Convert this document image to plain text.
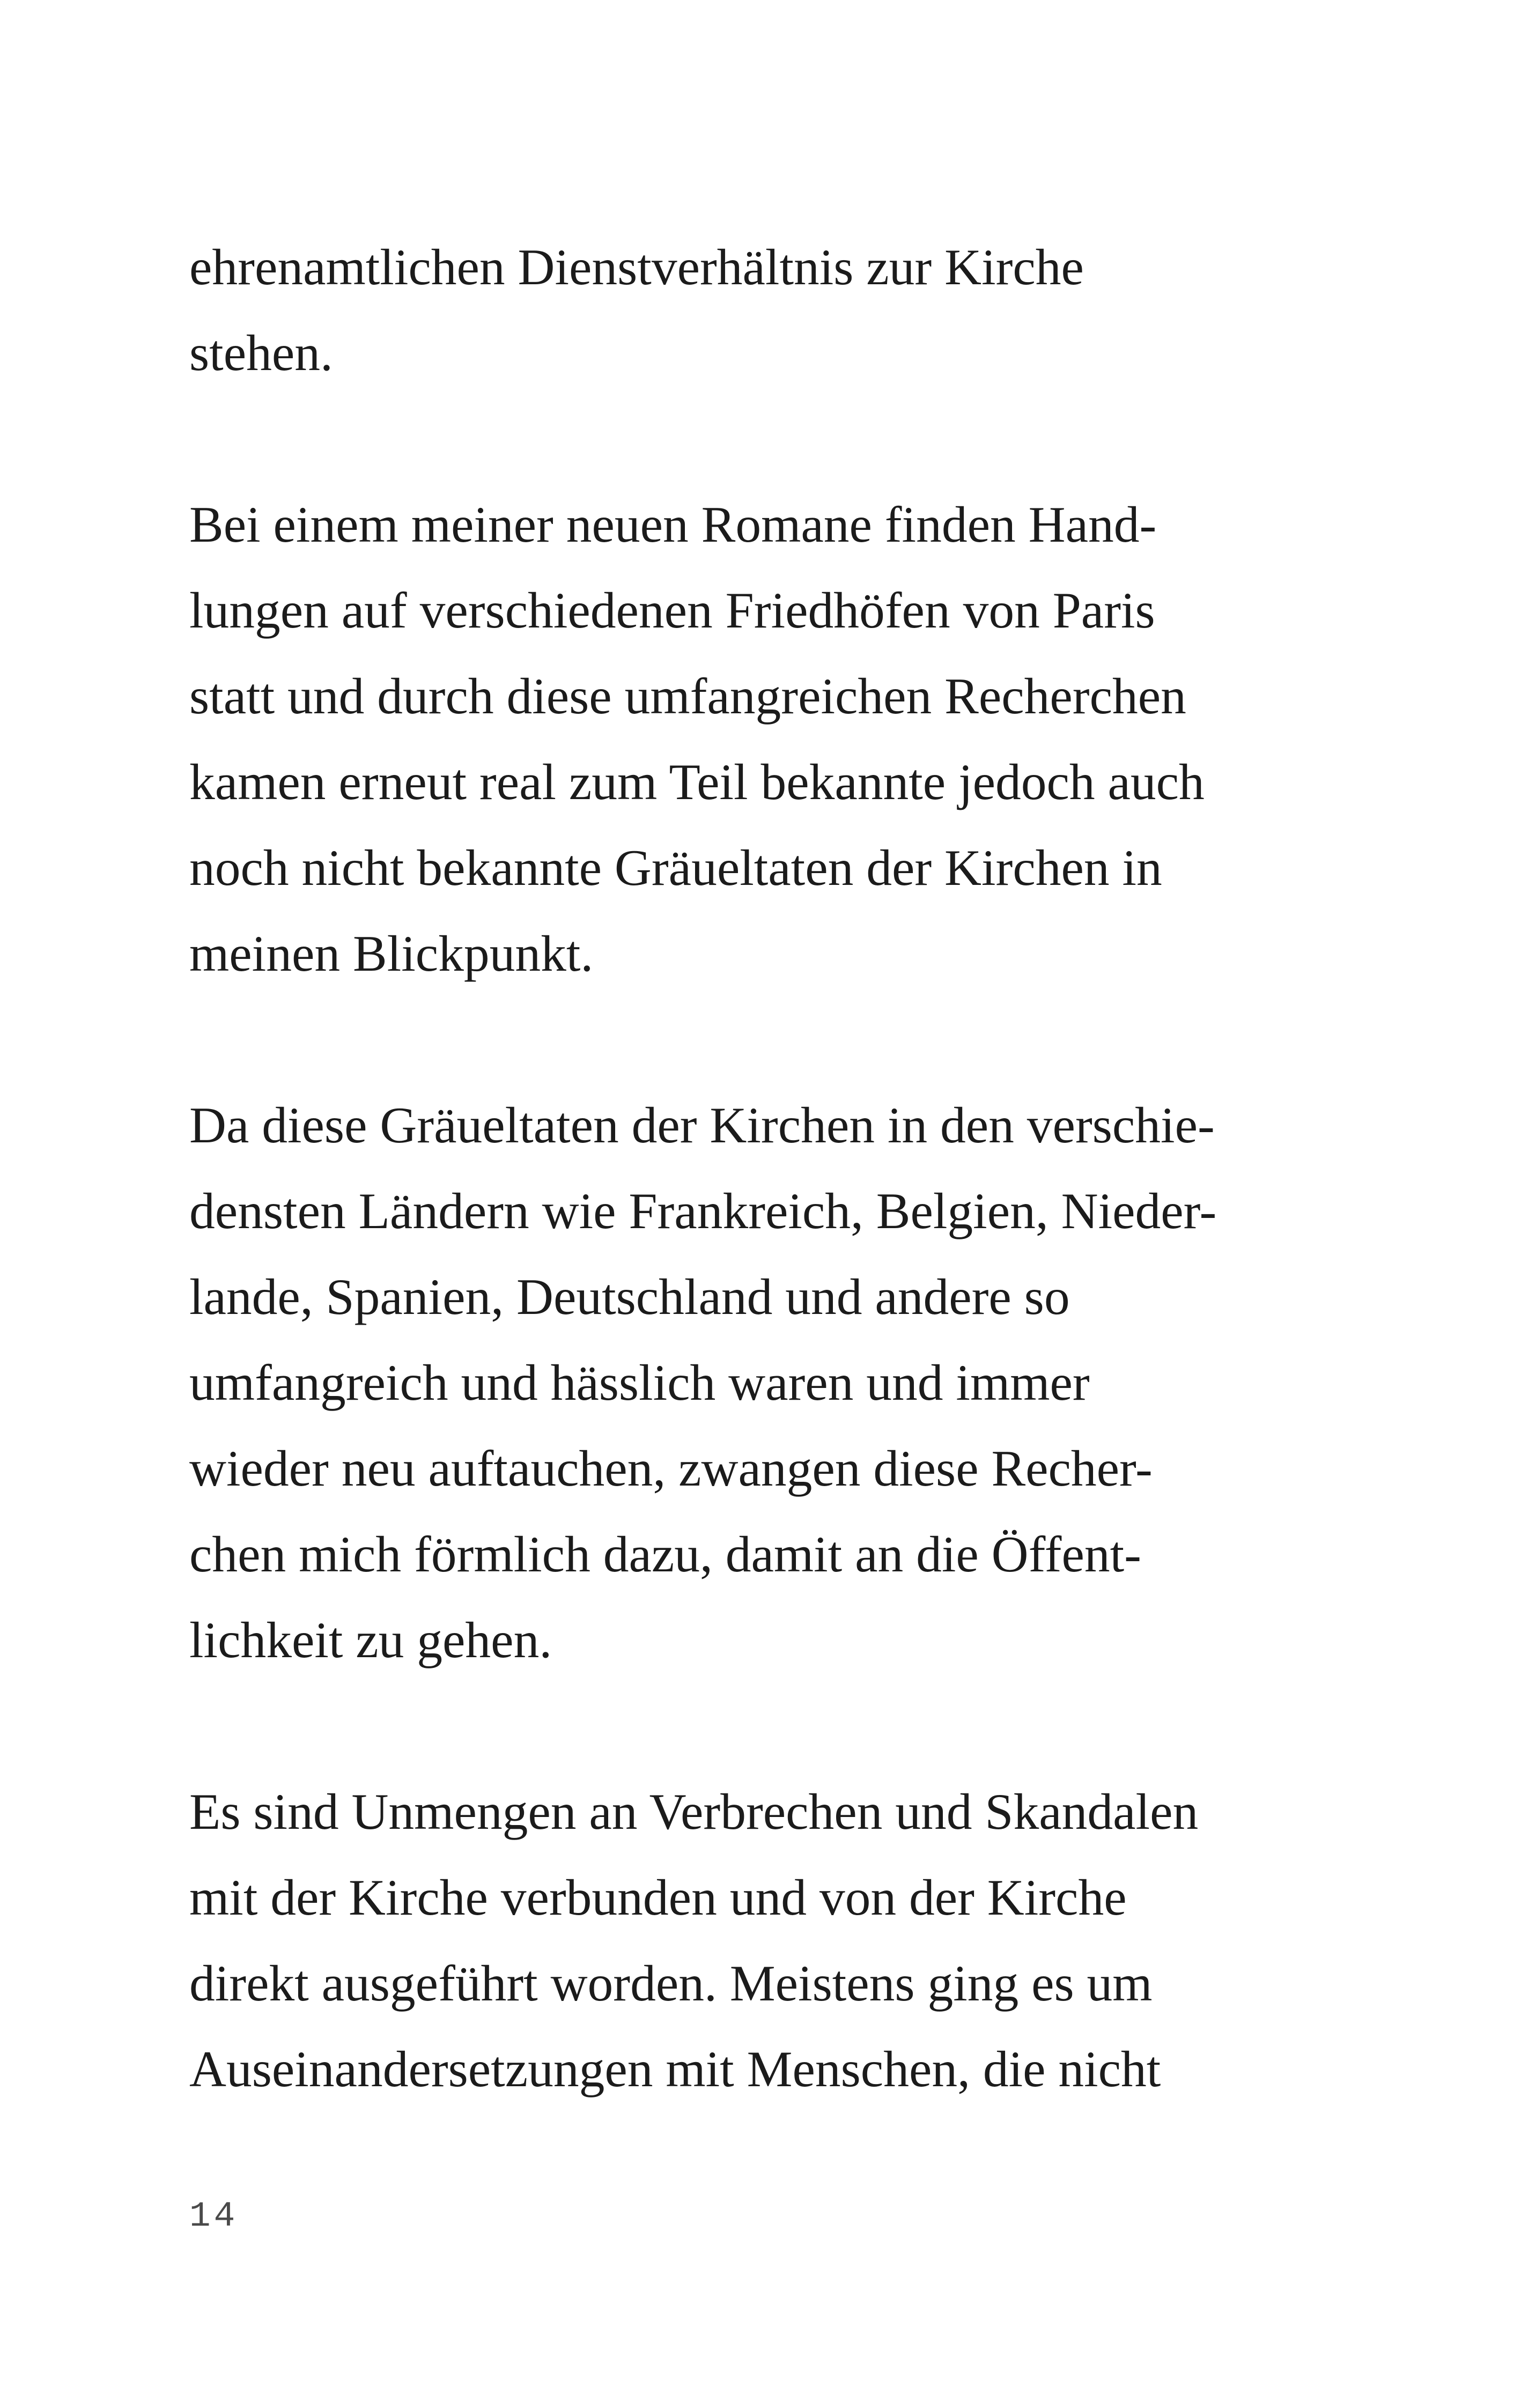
ehrenamtlichen Dienstverhältnis zur Kirche
stehen.
Bei einem meiner neuen Romane finden Hand-
lungen auf verschiedenen Friedhöfen von Paris
statt und durch diese umfangreichen Recherchen
kamen erneut real zum Teil bekannte jedoch auch
noch nicht bekannte Gräueltaten der Kirchen in
meinen Blickpunkt.
Da diese Gräueltaten der Kirchen in den verschie-
densten Ländern wie Frankreich, Belgien, Nieder-
lande, Spanien, Deutschland und andere so
umfangreich und hässlich waren und immer
wieder neu auftauchen, zwangen diese Recher-
chen mich förmlich dazu, damit an die Öffent-
lichkeit zu gehen.
Es sind Unmengen an Verbrechen und Skandalen
mit der Kirche verbunden und von der Kirche
direkt ausgeführt worden. Meistens ging es um
Auseinandersetzungen mit Menschen, die nicht
14
